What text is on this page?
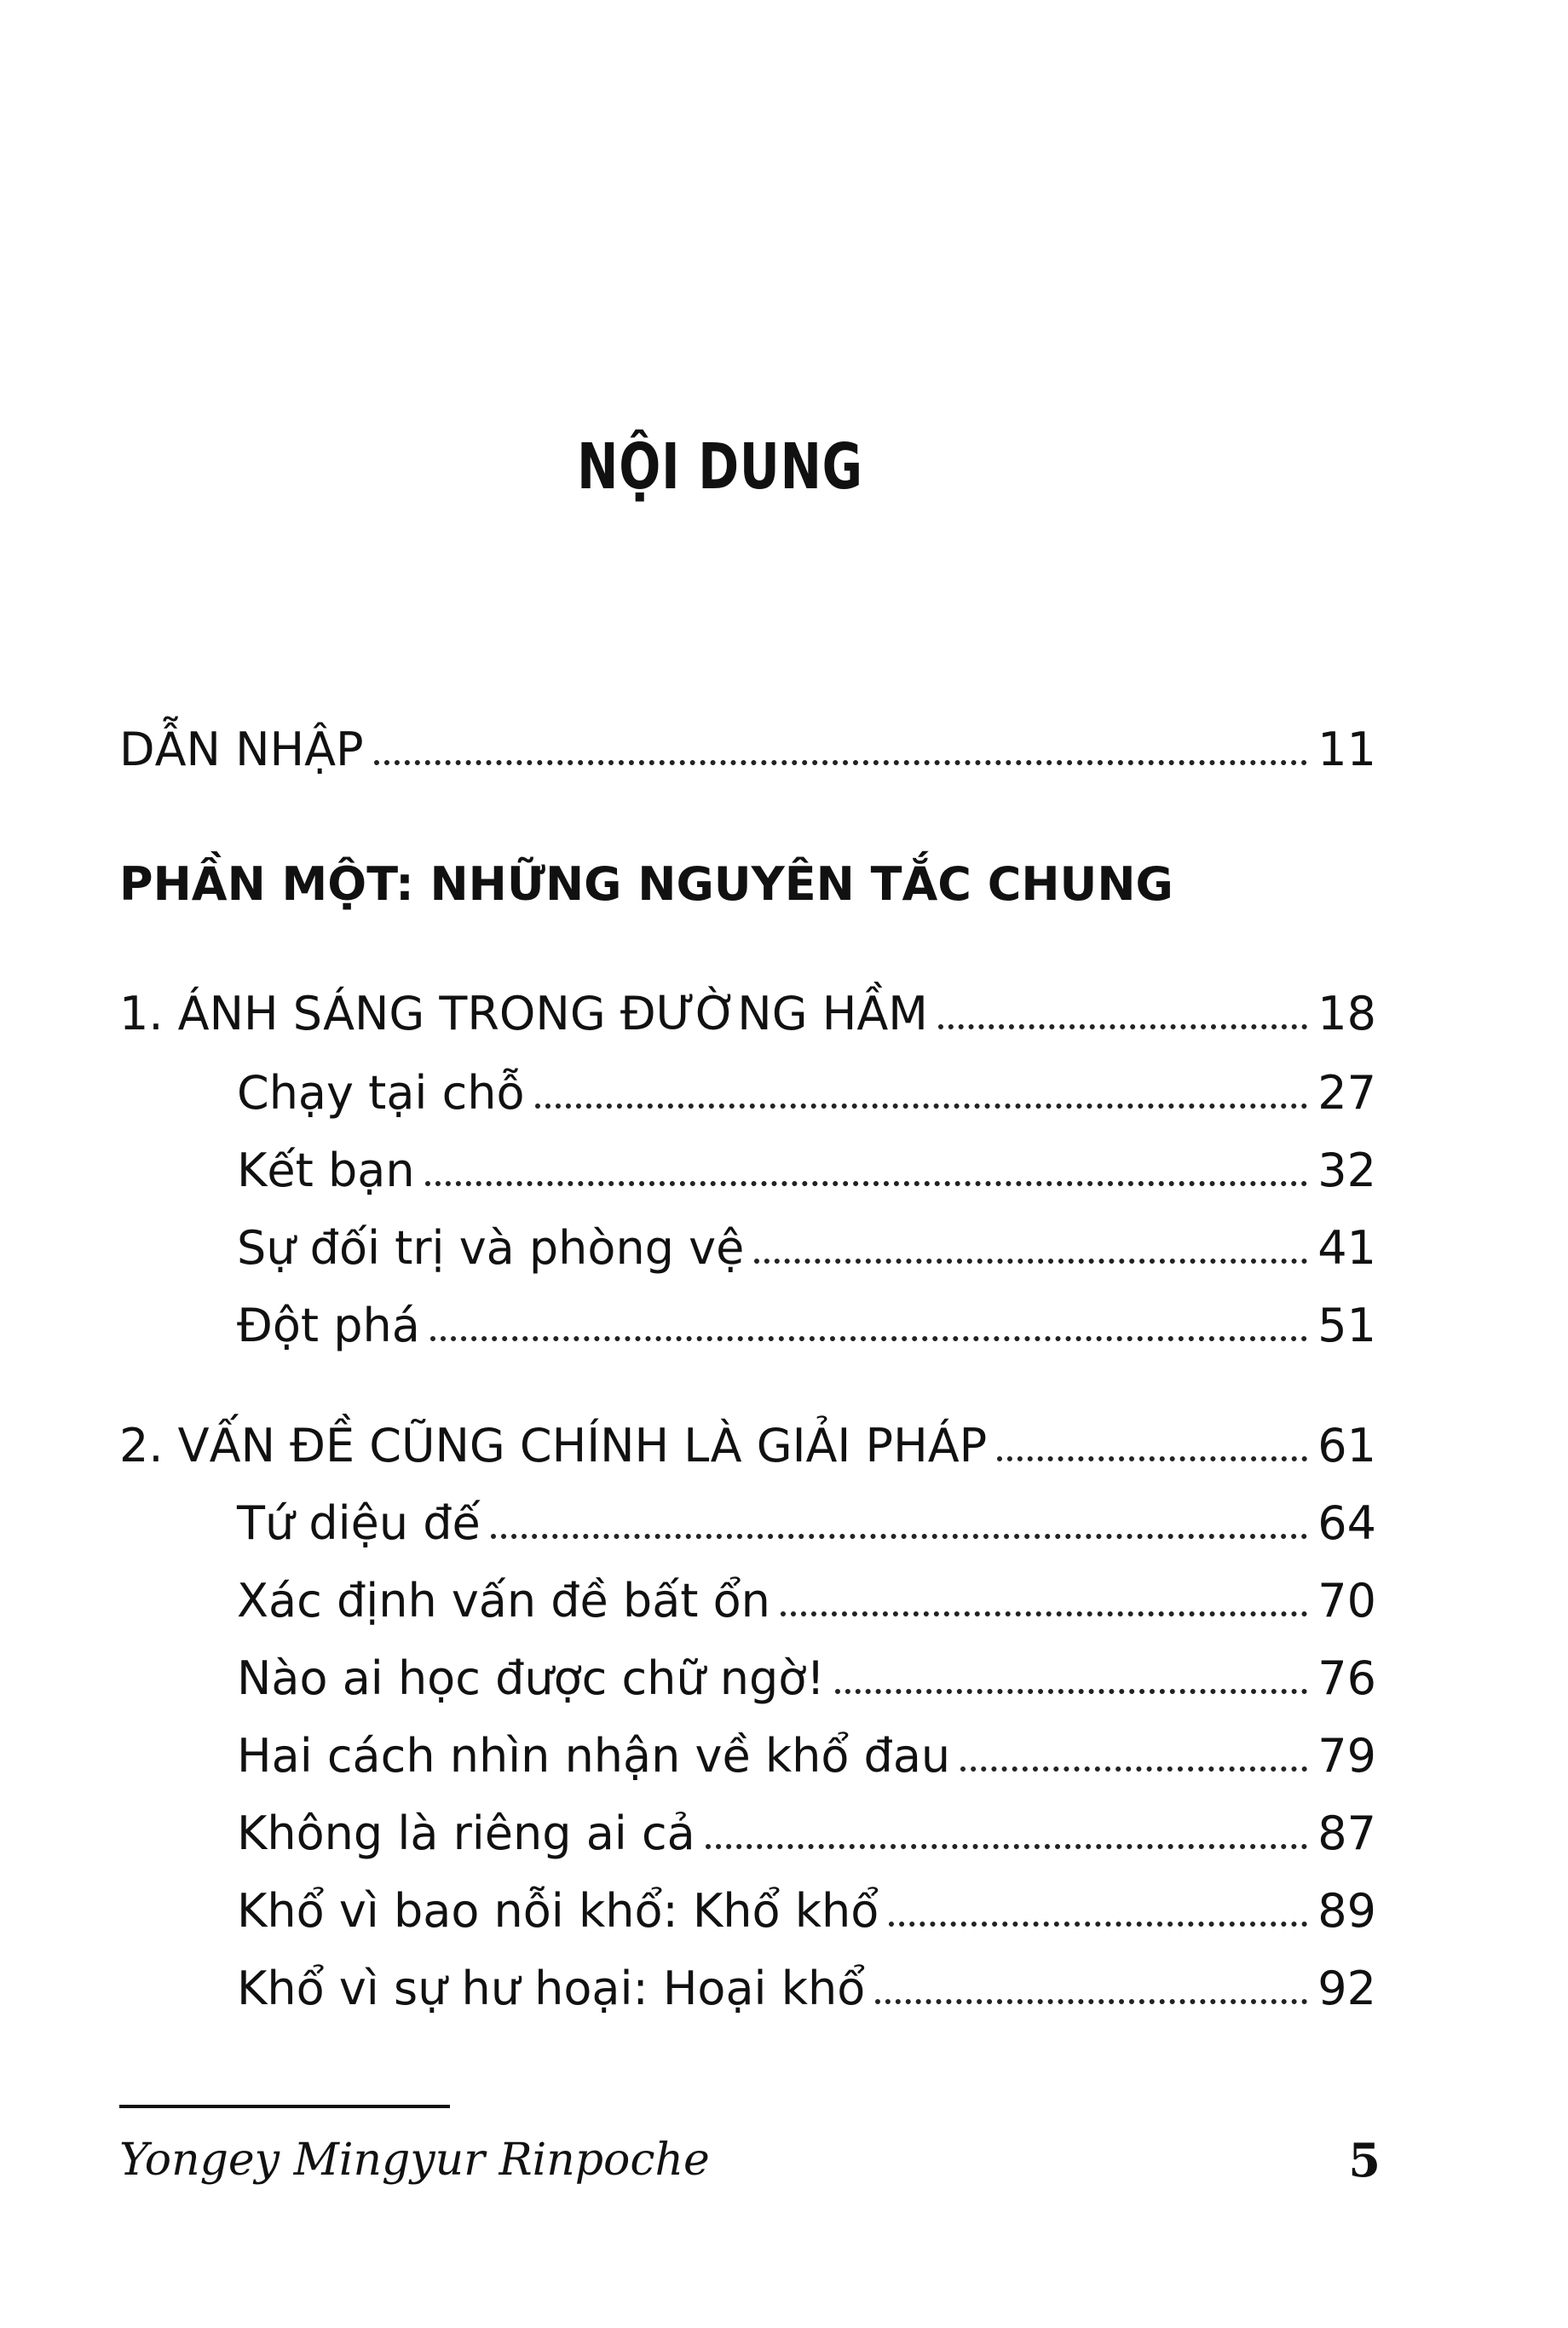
NỘI DUNG
DẪN NHẬP	11
PHẦN MỘT: NHỮNG NGUYÊN TẮC CHUNG
1. ÁNH SÁNG TRONG ĐƯỜNG HẦM	18
Chạy tại chỗ	27
Kết bạn	32
Sự đối trị và phòng vệ	41
Đột phá	51
2. VẤN ĐỀ CŨNG CHÍNH LÀ GIẢI PHÁP	61
Tứ diệu đế	64
Xác định vấn đề bất ổn	70
Nào ai học được chữ ngờ!	76
Hai cách nhìn nhận về khổ đau	79
Không là riêng ai cả	87
Khổ vì bao nỗi khổ: Khổ khổ	89
Khổ vì sự hư hoại: Hoại khổ	92
Yongey Mingyur Rinpoche	5
